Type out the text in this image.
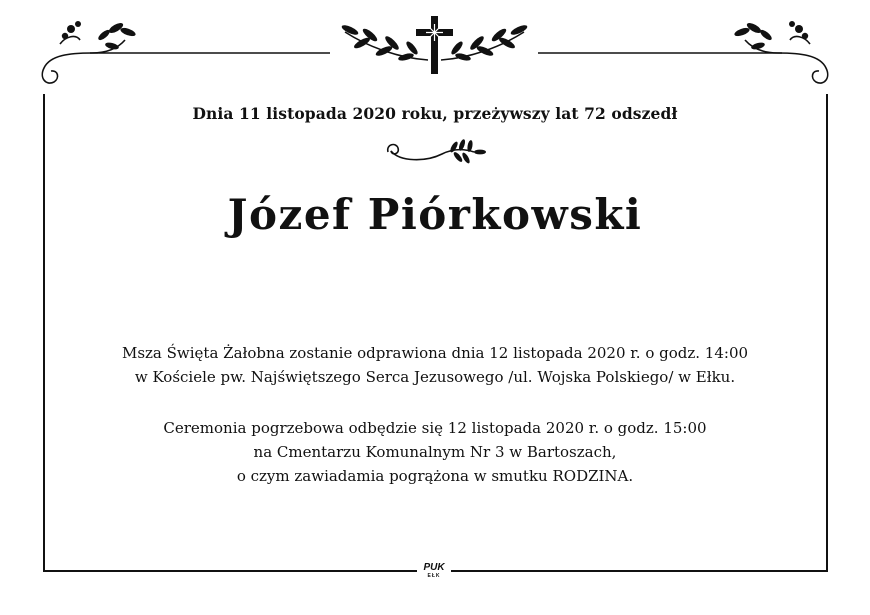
Dnia 11 listopada 2020 roku, przeżywszy lat 72 odszedł
Józef Piórkowski

Msza Święta Żałobna zostanie odprawiona dnia 12 listopada 2020 r. o godz. 14:00

w Kościele pw. Najświętszego Serca Jezusowego /ul. Wojska Polskiego/ w Ełku.

Ceremonia pogrzebowa odbędzie się 12 listopada 2020 r. o godz. 15:00

na Cmentarzu Komunalnym Nr 3 w Bartoszach,

o czym zawiadamia pogrążona w smutku RODZINA.

PUK
EŁK
